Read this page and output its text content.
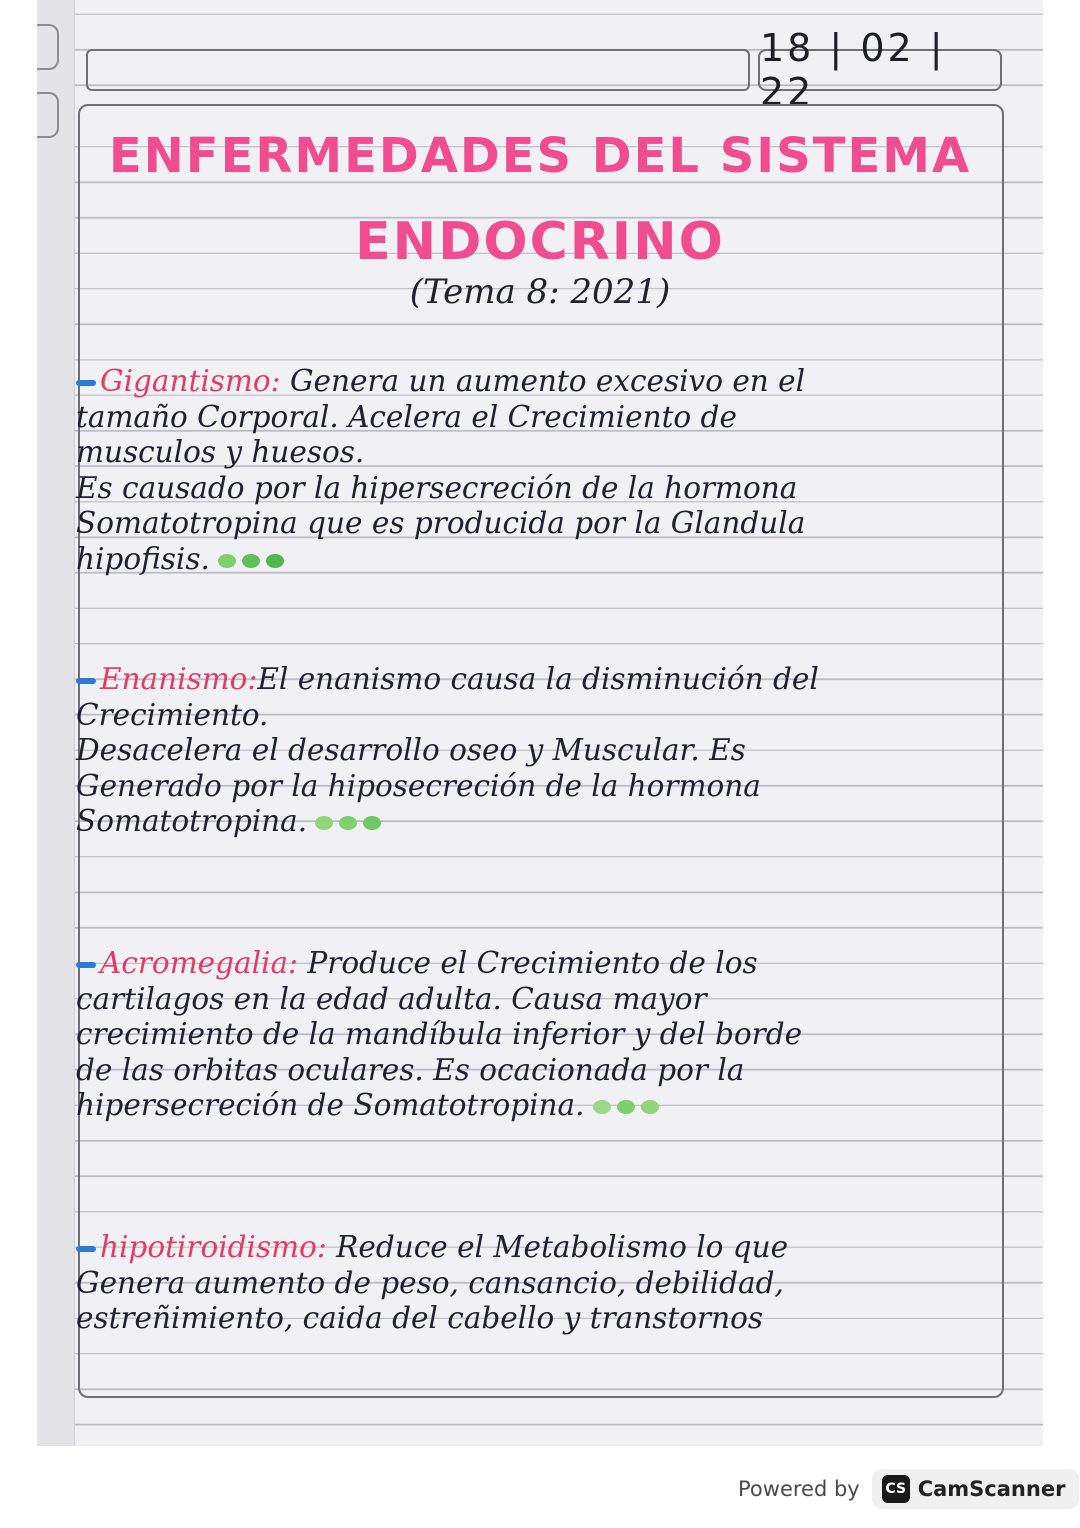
18 | 02 | 22
ENFERMEDADES DEL SISTEMA
ENDOCRINO
(Tema 8: 2021)

Gigantismo: Genera un aumento excesivo en el
tamaño Corporal. Acelera el Crecimiento de
musculos y huesos.
Es causado por la hipersecreción de la hormona
Somatotropina que es producida por la Glandula
hipofisis.

Enanismo:El enanismo causa la disminución del
Crecimiento.
Desacelera el desarrollo oseo y Muscular. Es
Generado por la hiposecreción de la hormona
Somatotropina.

Acromegalia: Produce el Crecimiento de los
cartilagos en la edad adulta. Causa mayor
crecimiento de la mandíbula inferior y del borde
de las orbitas oculares. Es ocacionada por la
hipersecreción de Somatotropina.

hipotiroidismo: Reduce el Metabolismo lo que
Genera aumento de peso, cansancio, debilidad,
estreñimiento, caida del cabello y transtornos

Powered by CS CamScanner
